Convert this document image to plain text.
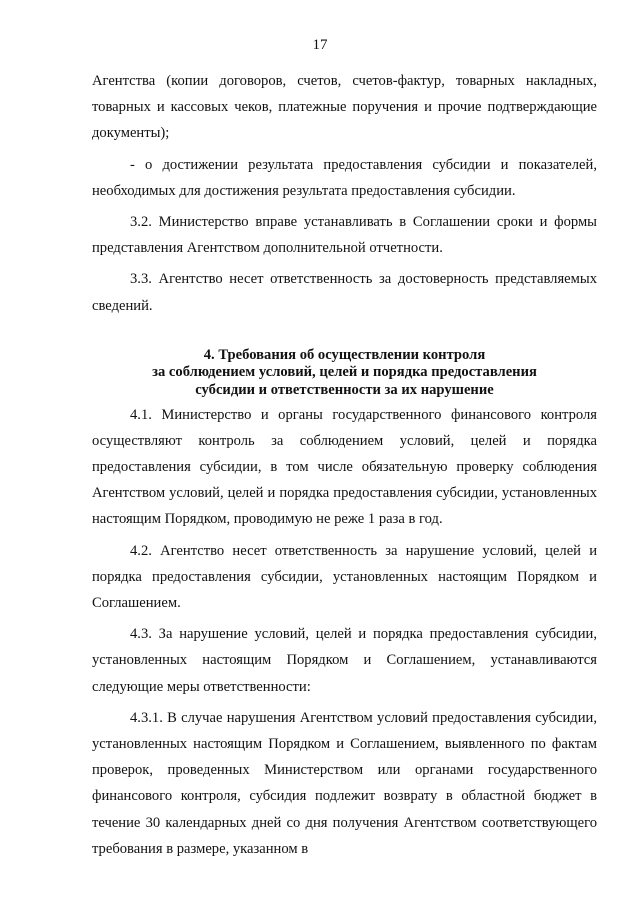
17

Агентства (копии договоров, счетов, счетов-фактур, товарных накладных, товарных и кассовых чеков, платежные поручения и прочие подтверждающие документы);

- о достижении результата предоставления субсидии и показателей, необходимых для достижения результата предоставления субсидии.

3.2. Министерство вправе устанавливать в Соглашении сроки и формы представления Агентством дополнительной отчетности.

3.3. Агентство несет ответственность за достоверность представляемых сведений.

4. Требования об осуществлении контроля
за соблюдением условий, целей и порядка предоставления
субсидии и ответственности за их нарушение

4.1. Министерство и органы государственного финансового контроля осуществляют контроль за соблюдением условий, целей и порядка предоставления субсидии, в том числе обязательную проверку соблюдения Агентством условий, целей и порядка предоставления субсидии, установленных настоящим Порядком, проводимую не реже 1 раза в год.

4.2. Агентство несет ответственность за нарушение условий, целей и порядка предоставления субсидии, установленных настоящим Порядком и Соглашением.

4.3. За нарушение условий, целей и порядка предоставления субсидии, установленных настоящим Порядком и Соглашением, устанавливаются следующие меры ответственности:

4.3.1. В случае нарушения Агентством условий предоставления субсидии, установленных настоящим Порядком и Соглашением, выявленного по фактам проверок, проведенных Министерством или органами государственного финансового контроля, субсидия подлежит возврату в областной бюджет в течение 30 календарных дней со дня получения Агентством соответствующего требования в размере, указанном в
